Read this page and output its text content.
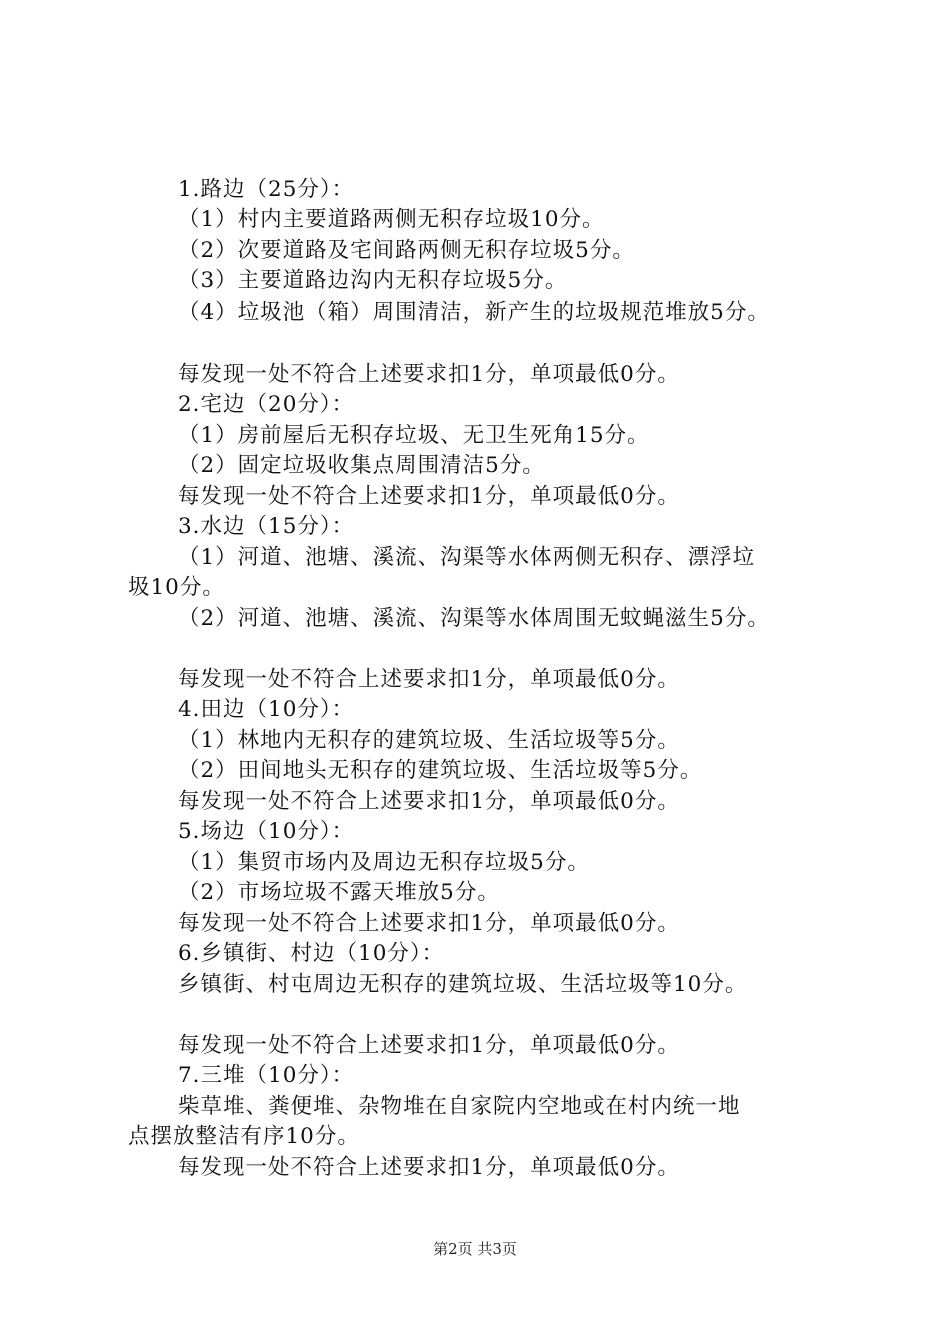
1.路边（25分）：
（1）村内主要道路两侧无积存垃圾10分。
（2）次要道路及宅间路两侧无积存垃圾5分。
（3）主要道路边沟内无积存垃圾5分。
（4）垃圾池（箱）周围清洁，新产生的垃圾规范堆放5分。
每发现一处不符合上述要求扣1分，单项最低0分。
2.宅边（20分）：
（1）房前屋后无积存垃圾、无卫生死角15分。
（2）固定垃圾收集点周围清洁5分。
每发现一处不符合上述要求扣1分，单项最低0分。
3.水边（15分）：
（1）河道、池塘、溪流、沟渠等水体两侧无积存、漂浮垃
圾10分。
（2）河道、池塘、溪流、沟渠等水体周围无蚊蝇滋生5分。
每发现一处不符合上述要求扣1分，单项最低0分。
4.田边（10分）：
（1）林地内无积存的建筑垃圾、生活垃圾等5分。
（2）田间地头无积存的建筑垃圾、生活垃圾等5分。
每发现一处不符合上述要求扣1分，单项最低0分。
5.场边（10分）：
（1）集贸市场内及周边无积存垃圾5分。
（2）市场垃圾不露天堆放5分。
每发现一处不符合上述要求扣1分，单项最低0分。
6.乡镇街、村边（10分）：
乡镇街、村屯周边无积存的建筑垃圾、生活垃圾等10分。
每发现一处不符合上述要求扣1分，单项最低0分。
7.三堆（10分）：
柴草堆、粪便堆、杂物堆在自家院内空地或在村内统一地
点摆放整洁有序10分。
每发现一处不符合上述要求扣1分，单项最低0分。
第2页 共3页
